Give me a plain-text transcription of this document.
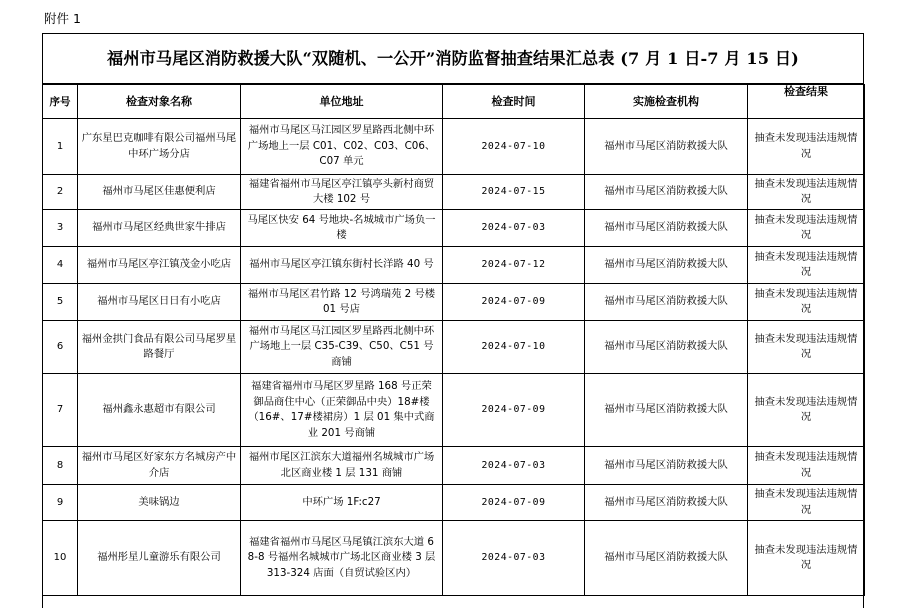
附件 1
福州市马尾区消防救援大队“双随机、一公开”消防监督抽查结果汇总表 (7 月 1 日-7 月 15 日)
序号	检查对象名称	单位地址	检查时间	实施检查机构	检查结果
1	广东星巴克咖啡有限公司福州马尾中环广场分店	福州市马尾区马江园区罗星路西北侧中环广场地上一层 C01、C02、C03、C06、C07 单元	2024-07-10	福州市马尾区消防救援大队	抽查未发现违法违规情况
2	福州市马尾区佳惠便利店	福建省福州市马尾区亭江镇亭头新村商贸大楼 102 号	2024-07-15	福州市马尾区消防救援大队	抽查未发现违法违规情况
3	福州市马尾区经典世家牛排店	马尾区快安 64 号地块-名城城市广场负一楼	2024-07-03	福州市马尾区消防救援大队	抽查未发现违法违规情况
4	福州市马尾区亭江镇茂金小吃店	福州市马尾区亭江镇东街村长洋路 40 号	2024-07-12	福州市马尾区消防救援大队	抽查未发现违法违规情况
5	福州市马尾区日日有小吃店	福州市马尾区君竹路 12 号鸿瑞苑 2 号楼 01 号店	2024-07-09	福州市马尾区消防救援大队	抽查未发现违法违规情况
6	福州金拱门食品有限公司马尾罗星路餐厅	福州市马尾区马江园区罗星路西北侧中环广场地上一层 C35-C39、C50、C51 号商铺	2024-07-10	福州市马尾区消防救援大队	抽查未发现违法违规情况
7	福州鑫永惠超市有限公司	福建省福州市马尾区罗星路 168 号正荣御品商住中心（正荣御品中央）18#楼（16#、17#楼裙房）1 层 01 集中式商业 201 号商铺	2024-07-09	福州市马尾区消防救援大队	抽查未发现违法违规情况
8	福州市马尾区好家东方名城房产中介店	福州市尾区江滨东大道福州名城城市广场北区商业楼 1 层 131 商铺	2024-07-03	福州市马尾区消防救援大队	抽查未发现违法违规情况
9	美味锅边	中环广场 1F:c27	2024-07-09	福州市马尾区消防救援大队	抽查未发现违法违规情况
10	福州彤星儿童游乐有限公司	福建省福州市马尾区马尾镇江滨东大道 68-8 号福州名城城市广场北区商业楼 3 层 313-324 店面（自贸试验区内）	2024-07-03	福州市马尾区消防救援大队	抽查未发现违法违规情况
